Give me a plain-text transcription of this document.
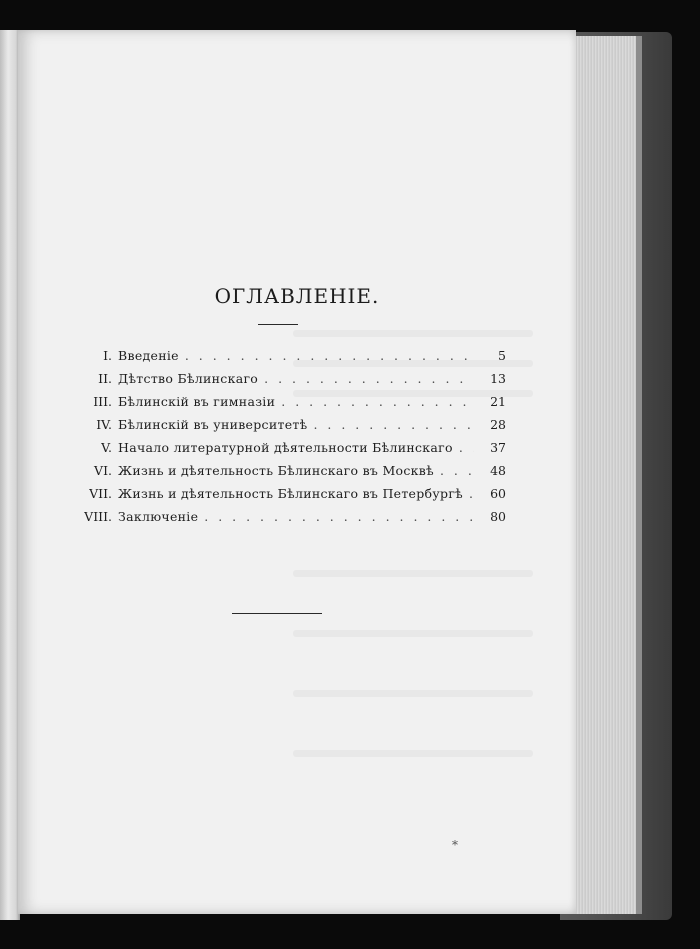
ОГЛАВЛЕНIE.
I. Введенiе . . .	5
II. Дѣтство Бѣлинскаго . . .	13
III. Бѣлинскiй въ гимназiи . . .	21
IV. Бѣлинскiй въ университетѣ . . .	28
V. Начало литературной дѣятельности Бѣлинскаго . . .	37
VI. Жизнь и дѣятельность Бѣлинскаго въ Москвѣ . . .	48
VII. Жизнь и дѣятельность Бѣлинскаго въ Петербургѣ . . .	60
VIII. Заключенiе . . .	80
*
